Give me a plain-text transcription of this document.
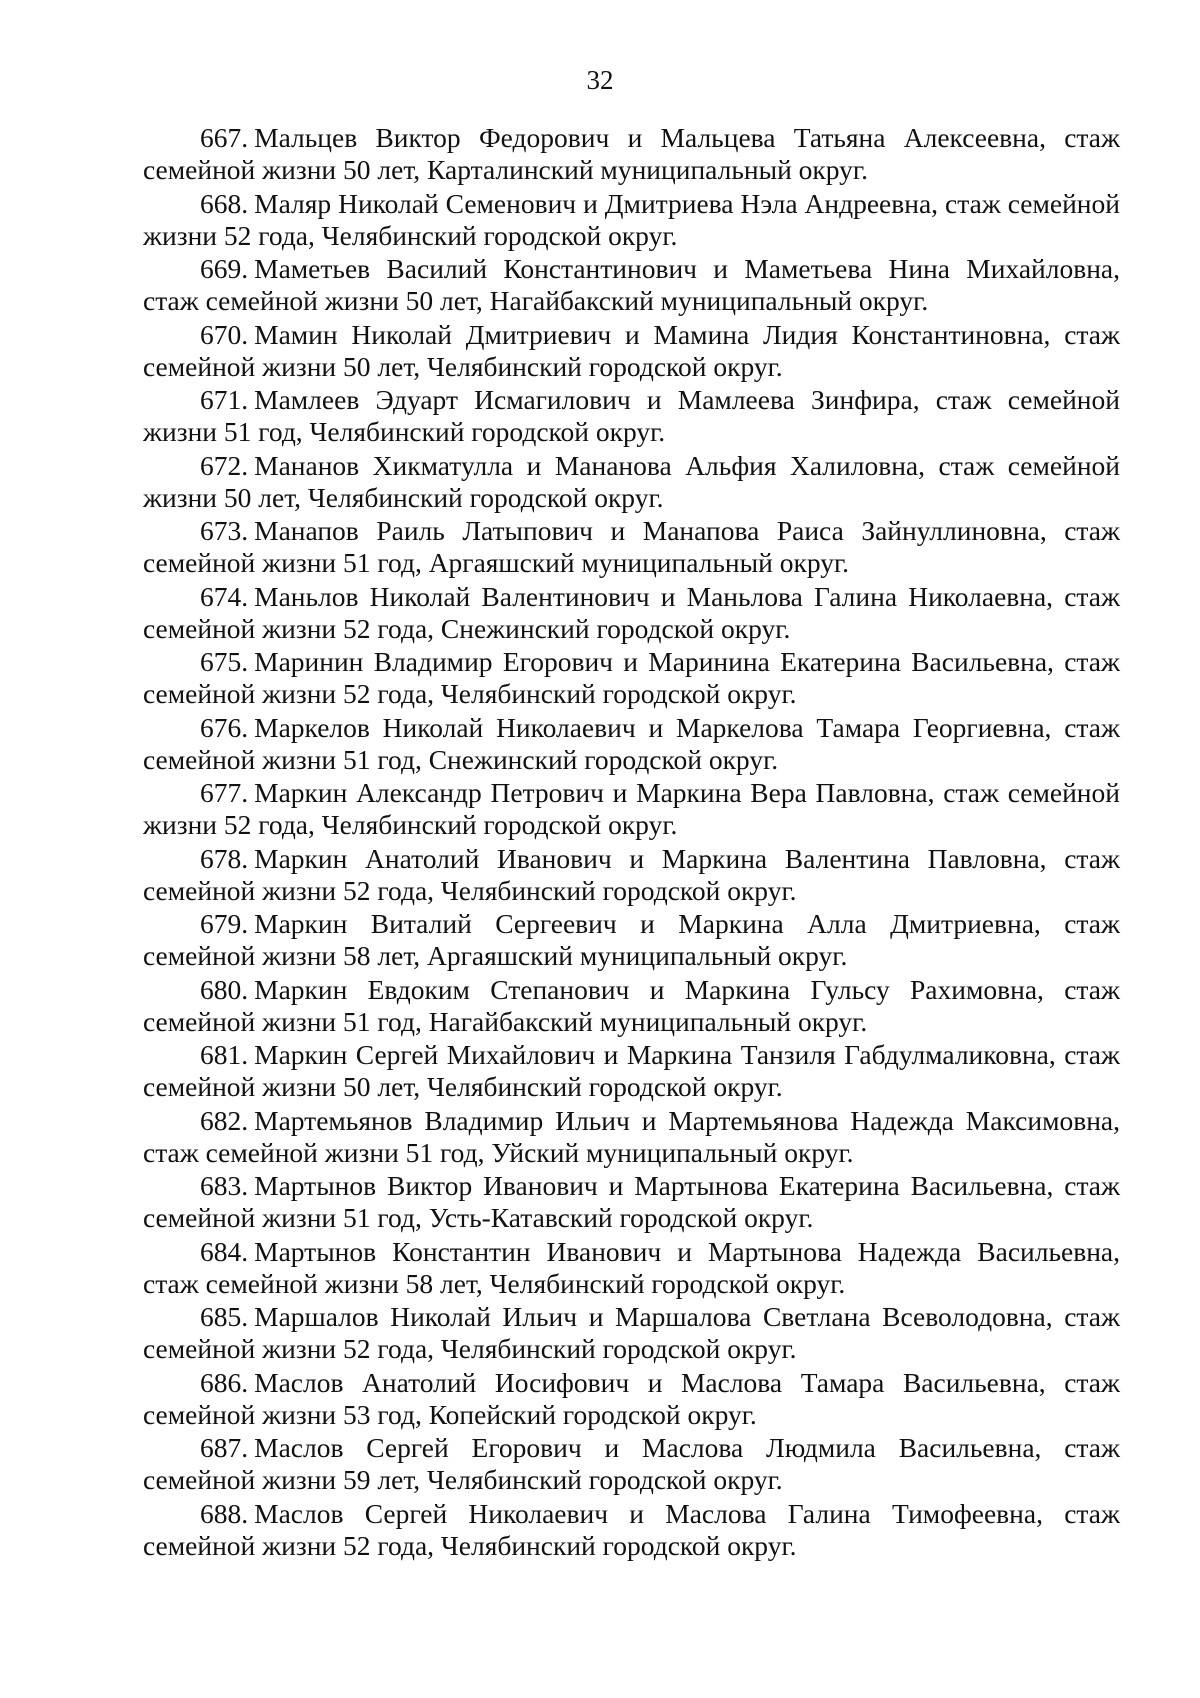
32

667. Мальцев Виктор Федорович и Мальцева Татьяна Алексеевна, стаж семейной жизни 50 лет, Карталинский муниципальный округ.

668. Маляр Николай Семенович и Дмитриева Нэла Андреевна, стаж семейной жизни 52 года, Челябинский городской округ.

669. Маметьев Василий Константинович и Маметьева Нина Михайловна, стаж семейной жизни 50 лет, Нагайбакский муниципальный округ.

670. Мамин Николай Дмитриевич и Мамина Лидия Константиновна, стаж семейной жизни 50 лет, Челябинский городской округ.

671. Мамлеев Эдуарт Исмагилович и Мамлеева Зинфира, стаж семейной жизни 51 год, Челябинский городской округ.

672. Мананов Хикматулла и Мананова Альфия Халиловна, стаж семейной жизни 50 лет, Челябинский городской округ.

673. Манапов Раиль Латыпович и Манапова Раиса Зайнуллиновна, стаж семейной жизни 51 год, Аргаяшский муниципальный округ.

674. Маньлов Николай Валентинович и Маньлова Галина Николаевна, стаж семейной жизни 52 года, Снежинский городской округ.

675. Маринин Владимир Егорович и Маринина Екатерина Васильевна, стаж семейной жизни 52 года, Челябинский городской округ.

676. Маркелов Николай Николаевич и Маркелова Тамара Георгиевна, стаж семейной жизни 51 год, Снежинский городской округ.

677. Маркин Александр Петрович и Маркина Вера Павловна, стаж семейной жизни 52 года, Челябинский городской округ.

678. Маркин Анатолий Иванович и Маркина Валентина Павловна, стаж семейной жизни 52 года, Челябинский городской округ.

679. Маркин Виталий Сергеевич и Маркина Алла Дмитриевна, стаж семейной жизни 58 лет, Аргаяшский муниципальный округ.

680. Маркин Евдоким Степанович и Маркина Гульсу Рахимовна, стаж семейной жизни 51 год, Нагайбакский муниципальный округ.

681. Маркин Сергей Михайлович и Маркина Танзиля Габдулмаликовна, стаж семейной жизни 50 лет, Челябинский городской округ.

682. Мартемьянов Владимир Ильич и Мартемьянова Надежда Максимовна, стаж семейной жизни 51 год, Уйский муниципальный округ.

683. Мартынов Виктор Иванович и Мартынова Екатерина Васильевна, стаж семейной жизни 51 год, Усть-Катавский городской округ.

684. Мартынов Константин Иванович и Мартынова Надежда Васильевна, стаж семейной жизни 58 лет, Челябинский городской округ.

685. Маршалов Николай Ильич и Маршалова Светлана Всеволодовна, стаж семейной жизни 52 года, Челябинский городской округ.

686. Маслов Анатолий Иосифович и Маслова Тамара Васильевна, стаж семейной жизни 53 год, Копейский городской округ.

687. Маслов Сергей Егорович и Маслова Людмила Васильевна, стаж семейной жизни 59 лет, Челябинский городской округ.

688. Маслов Сергей Николаевич и Маслова Галина Тимофеевна, стаж семейной жизни 52 года, Челябинский городской округ.
